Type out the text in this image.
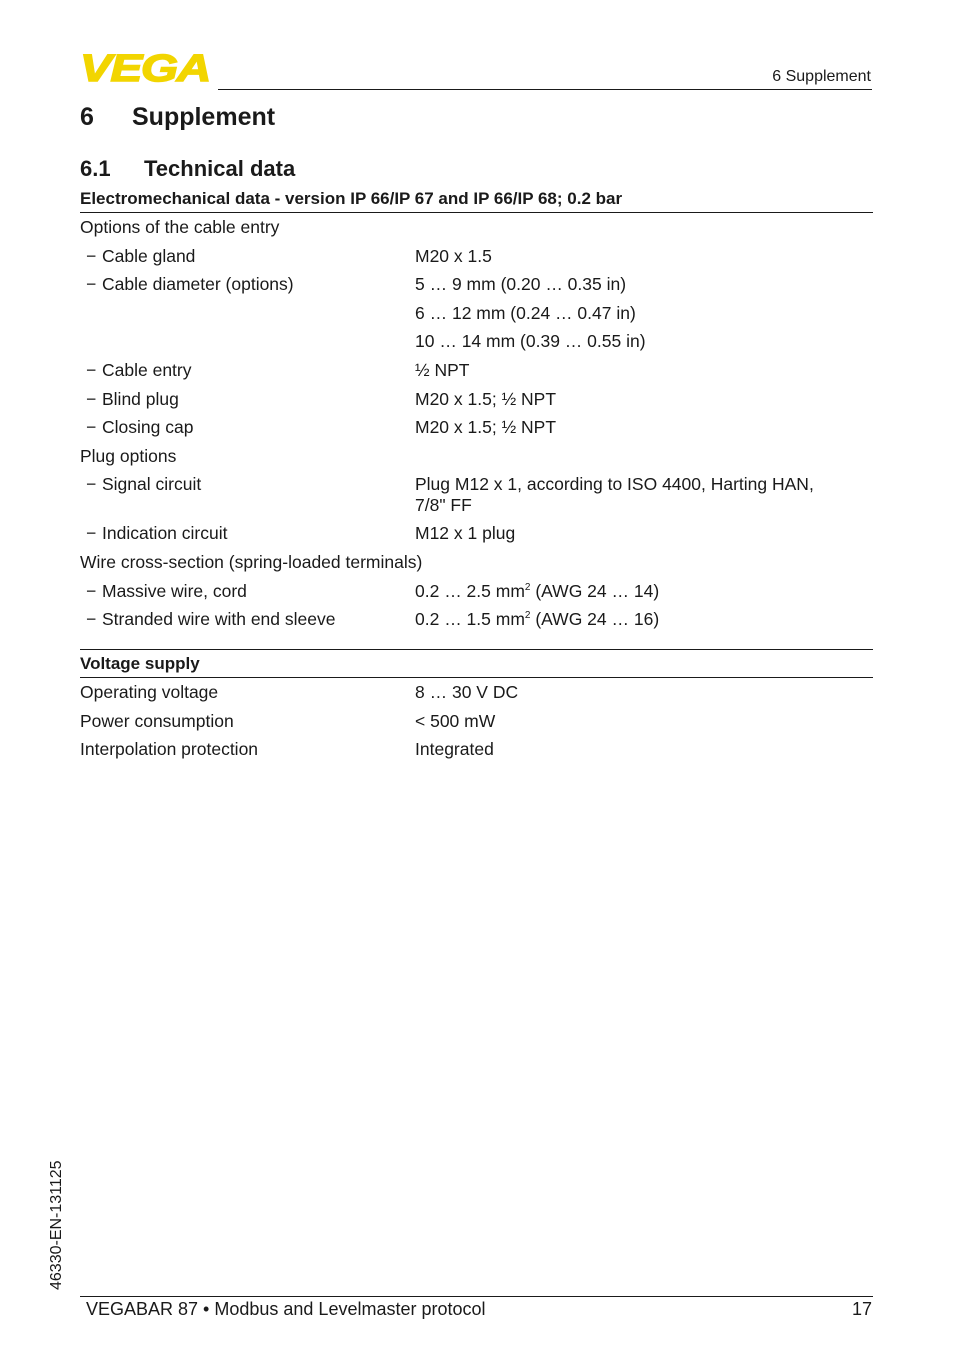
VEGA	6 Supplement
6 Supplement
6.1 Technical data
Electromechanical data - version IP 66/IP 67 and IP 66/IP 68; 0.2 bar
Options of the cable entry

− Cable gland	M20 x 1.5
− Cable diameter (options)	5 … 9 mm (0.20 … 0.35 in)
6 … 12 mm (0.24 … 0.47 in)
10 … 14 mm (0.39 … 0.55 in)
− Cable entry	½ NPT
− Blind plug	M20 x 1.5; ½ NPT
− Closing cap	M20 x 1.5; ½ NPT
Plug options

− Signal circuit	Plug M12 x 1, according to ISO 4400, Harting HAN, 7/8" FF
− Indication circuit	M12 x 1 plug
Wire cross-section (spring-loaded terminals)

− Massive wire, cord	0.2 … 2.5 $mm^2$ (AWG 24 … 14)
− Stranded wire with end sleeve	0.2 … 1.5 $mm^2$ (AWG 24 … 16)
Voltage supply
Operating voltage	8 … 30 V DC
Power consumption	< 500 mW
Interpolation protection	Integrated
46330-EN-131125
VEGABAR 87 • Modbus and Levelmaster protocol	17
